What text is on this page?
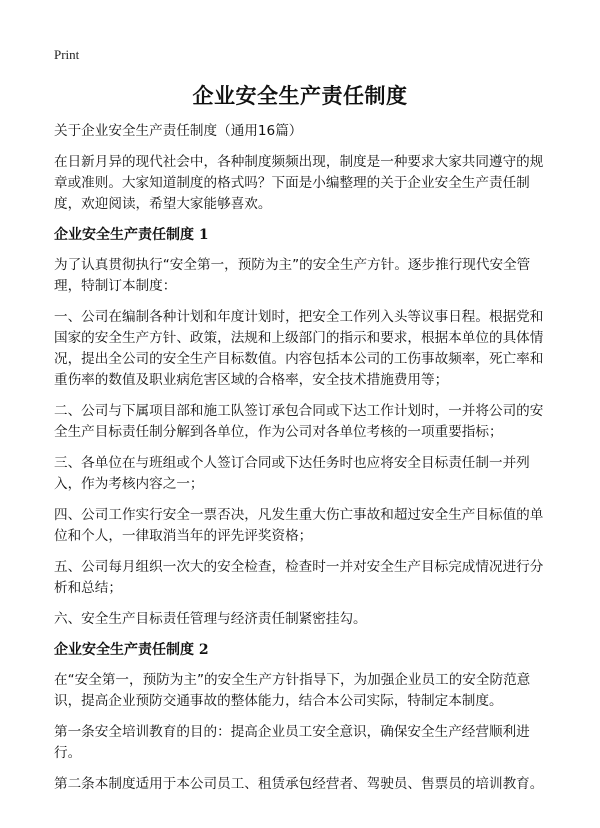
Print
企业安全生产责任制度

关于企业安全生产责任制度（通用16篇）

在日新月异的现代社会中，各种制度频频出现，制度是一种要求大家共同遵守的规章或准则。大家知道制度的格式吗？下面是小编整理的关于企业安全生产责任制度，欢迎阅读，希望大家能够喜欢。

企业安全生产责任制度 1

为了认真贯彻执行“安全第一，预防为主”的安全生产方针。逐步推行现代安全管理，特制订本制度：

一、公司在编制各种计划和年度计划时，把安全工作列入头等议事日程。根据党和国家的安全生产方针、政策，法规和上级部门的指示和要求，根据本单位的具体情况，提出全公司的安全生产目标数值。内容包括本公司的工伤事故频率，死亡率和重伤率的数值及职业病危害区域的合格率，安全技术措施费用等；

二、公司与下属项目部和施工队签订承包合同或下达工作计划时，一并将公司的安全生产目标责任制分解到各单位，作为公司对各单位考核的一项重要指标；

三、各单位在与班组或个人签订合同或下达任务时也应将安全目标责任制一并列入，作为考核内容之一；

四、公司工作实行安全一票否决，凡发生重大伤亡事故和超过安全生产目标值的单位和个人，一律取消当年的评先评奖资格；

五、公司每月组织一次大的安全检查，检查时一并对安全生产目标完成情况进行分析和总结；

六、安全生产目标责任管理与经济责任制紧密挂勾。

企业安全生产责任制度 2

在“安全第一，预防为主”的安全生产方针指导下，为加强企业员工的安全防范意识，提高企业预防交通事故的整体能力，结合本公司实际，特制定本制度。

第一条安全培训教育的目的：提高企业员工安全意识，确保安全生产经营顺利进行。

第二条本制度适用于本公司员工、租赁承包经营者、驾驶员、售票员的培训教育。
